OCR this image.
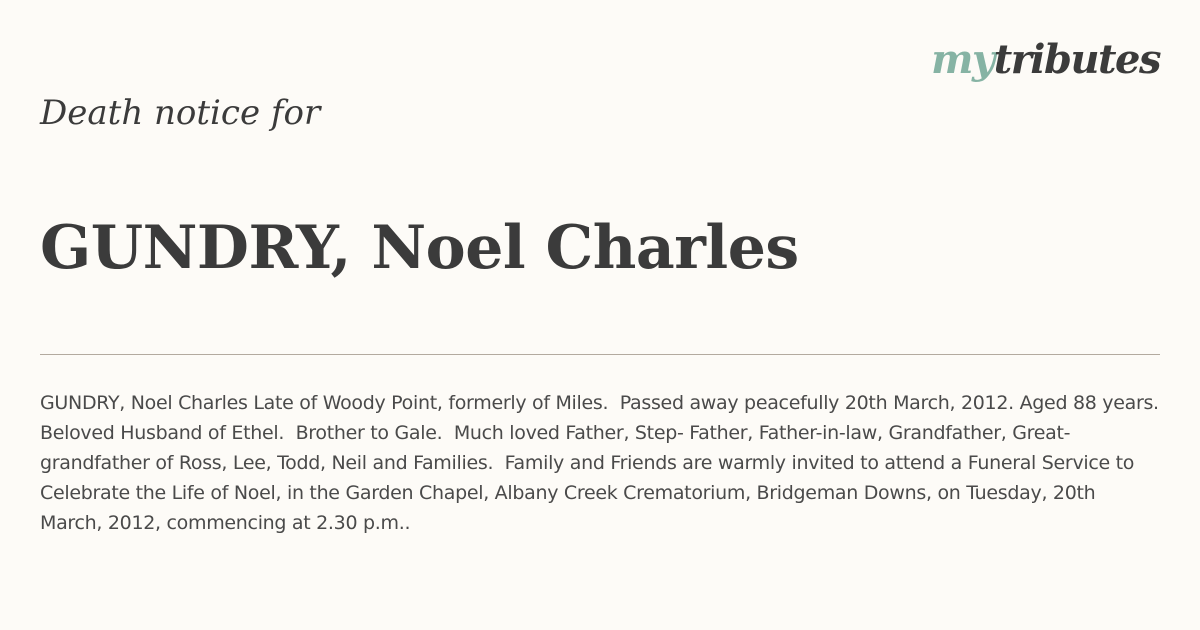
mytributes
Death notice for
GUNDRY, Noel Charles

GUNDRY, Noel Charles Late of Woody Point, formerly of Miles.  Passed away peacefully 20th March, 2012. Aged 88 years.  Beloved Husband of Ethel.  Brother to Gale.  Much loved Father, Step- Father, Father-in-law, Grandfather, Great-grandfather of Ross, Lee, Todd, Neil and Families.  Family and Friends are warmly invited to attend a Funeral Service to Celebrate the Life of Noel, in the Garden Chapel, Albany Creek Crematorium, Bridgeman Downs, on Tuesday, 20th March, 2012, commencing at 2.30 p.m..
